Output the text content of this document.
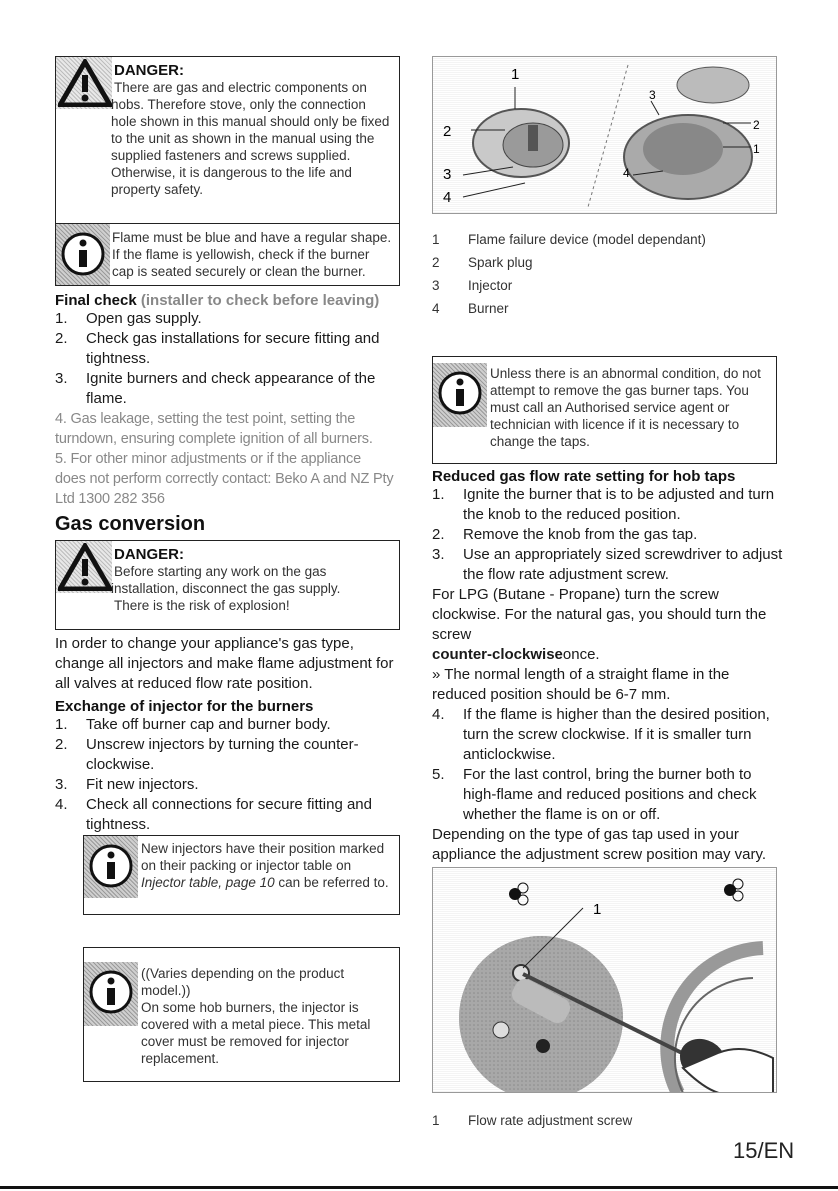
DANGER:
There are gas and electric components on
hobs. Therefore stove, only the connection
hole shown in this manual should only be fixed
to the unit as shown in the manual using the
supplied fasteners and screws supplied.
Otherwise, it is dangerous to the life and
property safety.
Flame must be blue and have a regular shape.
If the flame is yellowish, check if the burner
cap is seated securely or clean the burner.
Final check (installer to check before leaving)
1. Open gas supply.
2. Check gas installations for secure fitting and tightness.
3. Ignite burners and check appearance of the flame.
4. Gas leakage, setting the test point, setting the
turndown, ensuring complete ignition of all burners.
5. For other minor adjustments or if the appliance
does not perform correctly contact: Beko A and NZ Pty
Ltd 1300 282 356
Gas conversion
DANGER:
Before starting any work on the gas
installation, disconnect the gas supply.
There is the risk of explosion!
In order to change your appliance's gas type, change all injectors and make flame adjustment for all valves at reduced flow rate position.
Exchange of injector for the burners
1. Take off burner cap and burner body.
2. Unscrew injectors by turning the counter-clockwise.
3. Fit new injectors.
4. Check all connections for secure fitting and tightness.
New injectors have their position marked
on their packing or injector table on
Injector table, page 10 can be referred to.
((Varies depending on the product
model.))
On some hob burners, the injector is
covered with a metal piece. This metal
cover must be removed for injector
replacement.
1
2
3
4
3
2
1
4
1 Flame failure device (model dependant)
2 Spark plug
3 Injector
4 Burner
Unless there is an abnormal condition, do not
attempt to remove the gas burner taps. You
must call an Authorised service agent or
technician with licence if it is necessary to
change the taps.
Reduced gas flow rate setting for hob taps
1. Ignite the burner that is to be adjusted and turn the knob to the reduced position.
2. Remove the knob from the gas tap.
3. Use an appropriately sized screwdriver to adjust the flow rate adjustment screw.
For LPG (Butane - Propane) turn the screw clockwise. For the natural gas, you should turn the screw
counter-clockwiseonce.
» The normal length of a straight flame in the reduced position should be 6-7 mm.
4. If the flame is higher than the desired position, turn the screw clockwise. If it is smaller turn anticlockwise.
5. For the last control, bring the burner both to high-flame and reduced positions and check whether the flame is on or off.
Depending on the type of gas tap used in your appliance the adjustment screw position may vary.
1
1 Flow rate adjustment screw
15/EN
